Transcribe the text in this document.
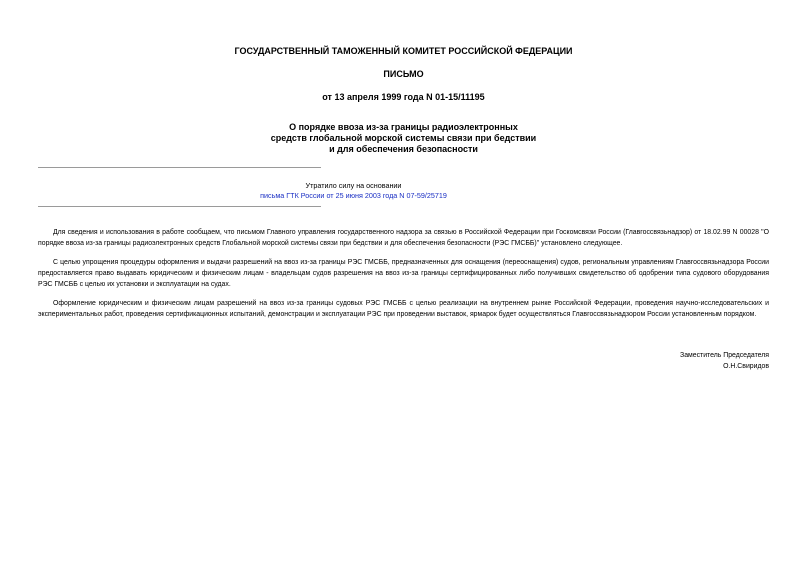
ГОСУДАРСТВЕННЫЙ ТАМОЖЕННЫЙ КОМИТЕТ РОССИЙСКОЙ ФЕДЕРАЦИИ
ПИСЬМО
от 13 апреля 1999 года N 01-15/11195
О порядке ввоза из-за границы радиоэлектронных
средств глобальной морской системы связи при бедствии
и для обеспечения безопасности
Утратило силу на основании
письма ГТК России от 25 июня 2003 года N 07-59/25719

Для сведения и использования в работе сообщаем, что письмом Главного управления государственного надзора за связью в Российской Федерации при Госкомсвязи России (Главгоссвязьнадзор) от 18.02.99 N 00028 "О порядке ввоза из-за границы радиоэлектронных средств Глобальной морской системы связи при бедствии и для обеспечения безопасности (РЭС ГМСББ)" установлено следующее.

С целью упрощения процедуры оформления и выдачи разрешений на ввоз из-за границы РЭС ГМСББ, предназначенных для оснащения (переоснащения) судов, региональным управлениям Главгоссвязьнадзора России предоставляется право выдавать юридическим и физическим лицам - владельцам судов разрешения на ввоз из-за границы сертифицированных либо получивших свидетельство об одобрении типа судового оборудования РЭС ГМСББ с целью их установки и эксплуатации на судах.

Оформление юридическим и физическим лицам разрешений на ввоз из-за границы судовых РЭС ГМСББ с целью реализации на внутреннем рынке Российской Федерации, проведения научно-исследовательских и экспериментальных работ, проведения сертификационных испытаний, демонстрации и эксплуатации РЭС при проведении выставок, ярмарок будет осуществляться Главгоссвязьнадзором России установленным порядком.

Заместитель Председателя
О.Н.Свиридов
